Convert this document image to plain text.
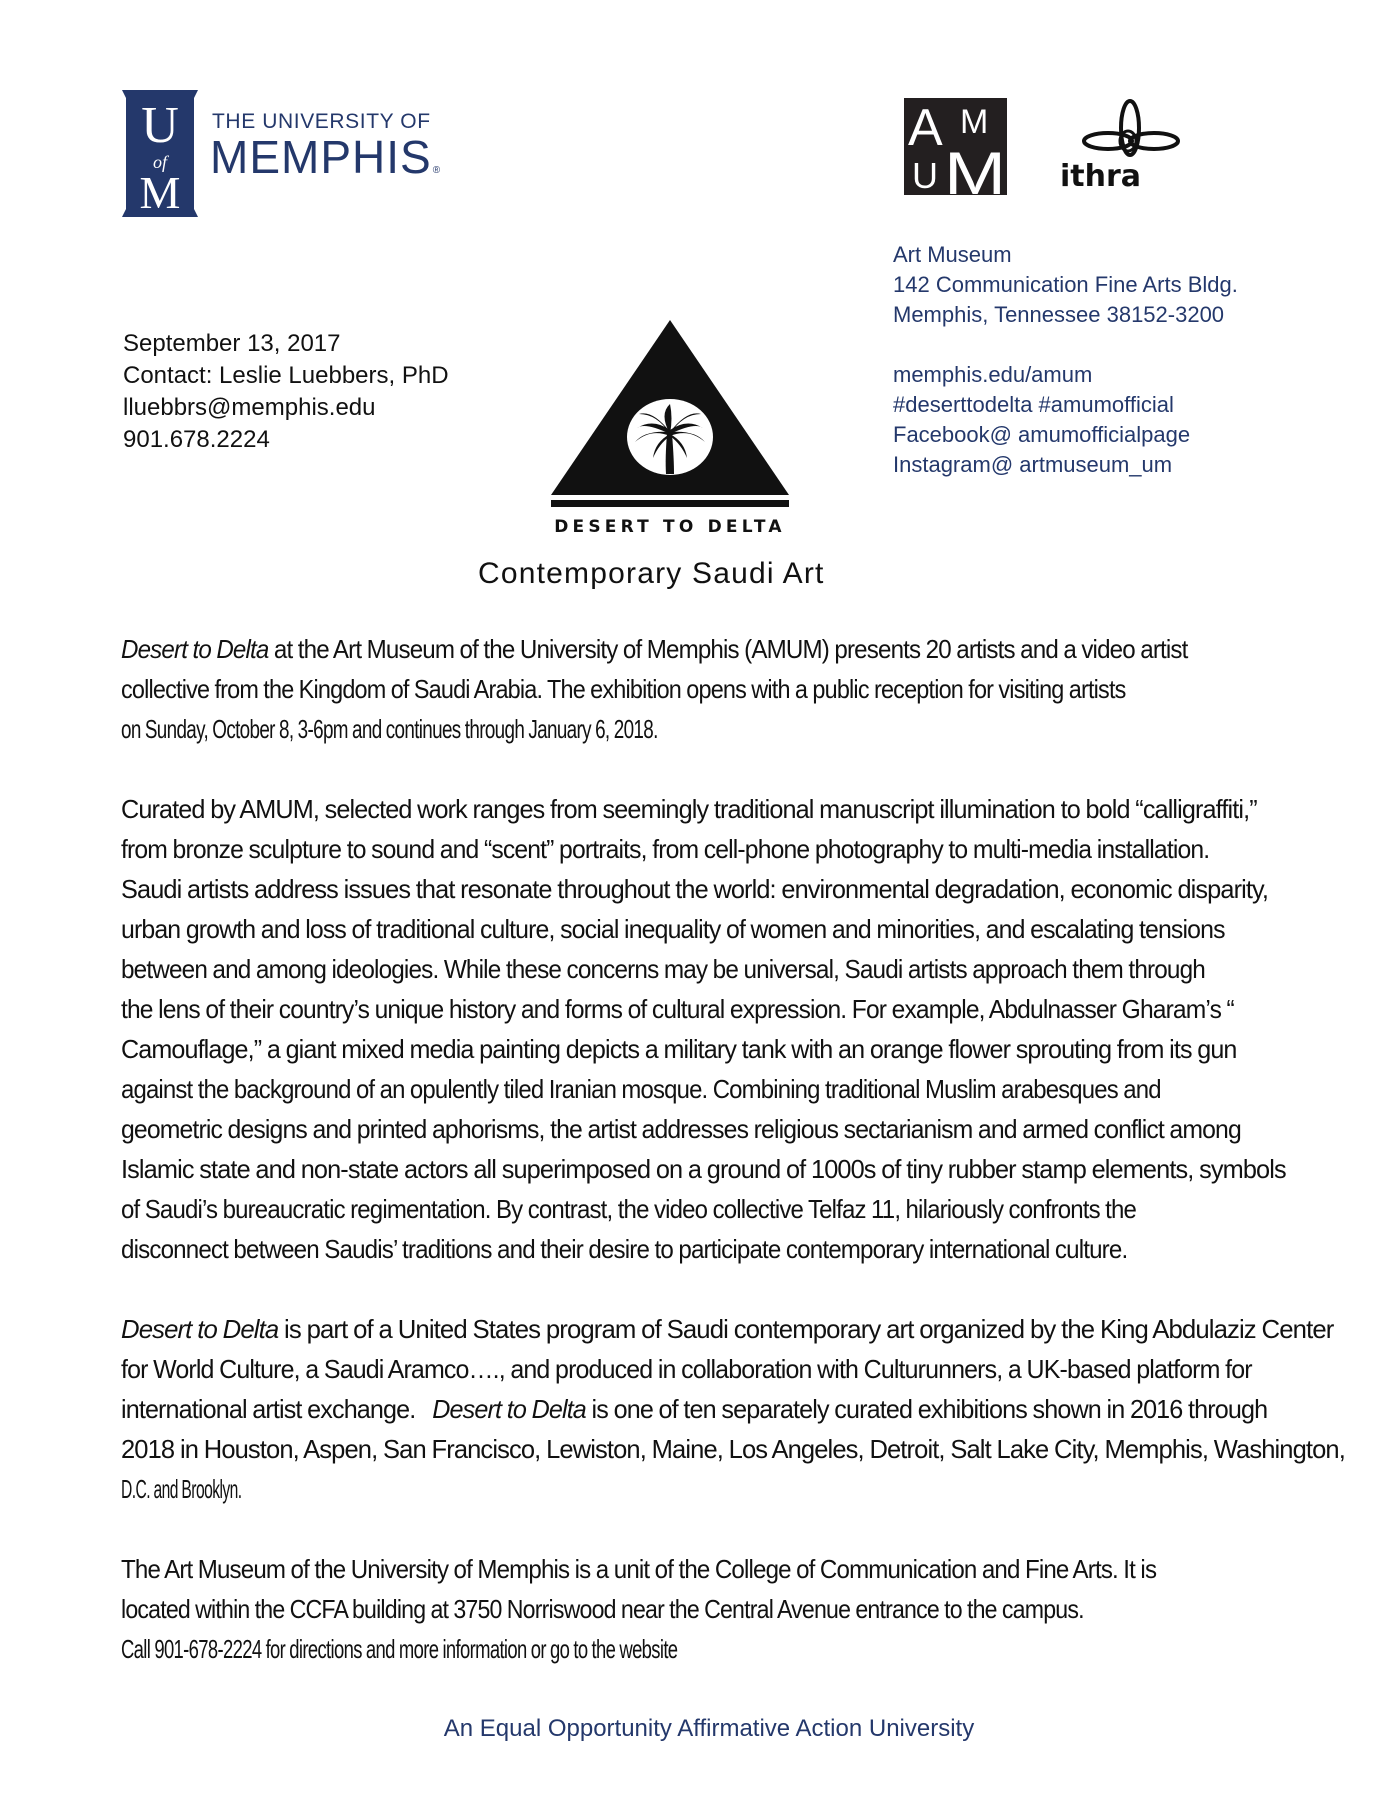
U
of
M
THE UNIVERSITY OF
MEMPHIS®
A M
U M ithra
Art Museum
142 Communication Fine Arts Bldg.
Memphis, Tennessee 38152-3200
memphis.edu/amum
#deserttodelta #amumofficial
Facebook@ amumofficialpage
Instagram@ artmuseum_um
September 13, 2017
Contact: Leslie Luebbers, PhD
lluebbrs@memphis.edu
901.678.2224
DESERT TO DELTA
Contemporary Saudi Art

Desert to Delta at the Art Museum of the University of Memphis (AMUM) presents 20 artists and a video artist
collective from the Kingdom of Saudi Arabia. The exhibition opens with a public reception for visiting artists
on Sunday, October 8, 3-6pm and continues through January 6, 2018.

Curated by AMUM, selected work ranges from seemingly traditional manuscript illumination to bold “calligraffiti,”
from bronze sculpture to sound and “scent” portraits, from cell-phone photography to multi-media installation.
Saudi artists address issues that resonate throughout the world: environmental degradation, economic disparity,
urban growth and loss of traditional culture, social inequality of women and minorities, and escalating tensions
between and among ideologies. While these concerns may be universal, Saudi artists approach them through
the lens of their country’s unique history and forms of cultural expression. For example, Abdulnasser Gharam’s “
Camouflage,” a giant mixed media painting depicts a military tank with an orange flower sprouting from its gun
against the background of an opulently tiled Iranian mosque. Combining traditional Muslim arabesques and
geometric designs and printed aphorisms, the artist addresses religious sectarianism and armed conflict among
Islamic state and non-state actors all superimposed on a ground of 1000s of tiny rubber stamp elements, symbols
of Saudi’s bureaucratic regimentation. By contrast, the video collective Telfaz 11, hilariously confronts the
disconnect between Saudis’ traditions and their desire to participate contemporary international culture.

Desert to Delta is part of a United States program of Saudi contemporary art organized by the King Abdulaziz Center
for World Culture, a Saudi Aramco…., and produced in collaboration with Culturunners, a UK-based platform for
international artist exchange.   Desert to Delta is one of ten separately curated exhibitions shown in 2016 through
2018 in Houston, Aspen, San Francisco, Lewiston, Maine, Los Angeles, Detroit, Salt Lake City, Memphis, Washington,
D.C. and Brooklyn.

The Art Museum of the University of Memphis is a unit of the College of Communication and Fine Arts. It is
located within the CCFA building at 3750 Norriswood near the Central Avenue entrance to the campus.
Call 901-678-2224 for directions and more information or go to the website

An Equal Opportunity Affirmative Action University
